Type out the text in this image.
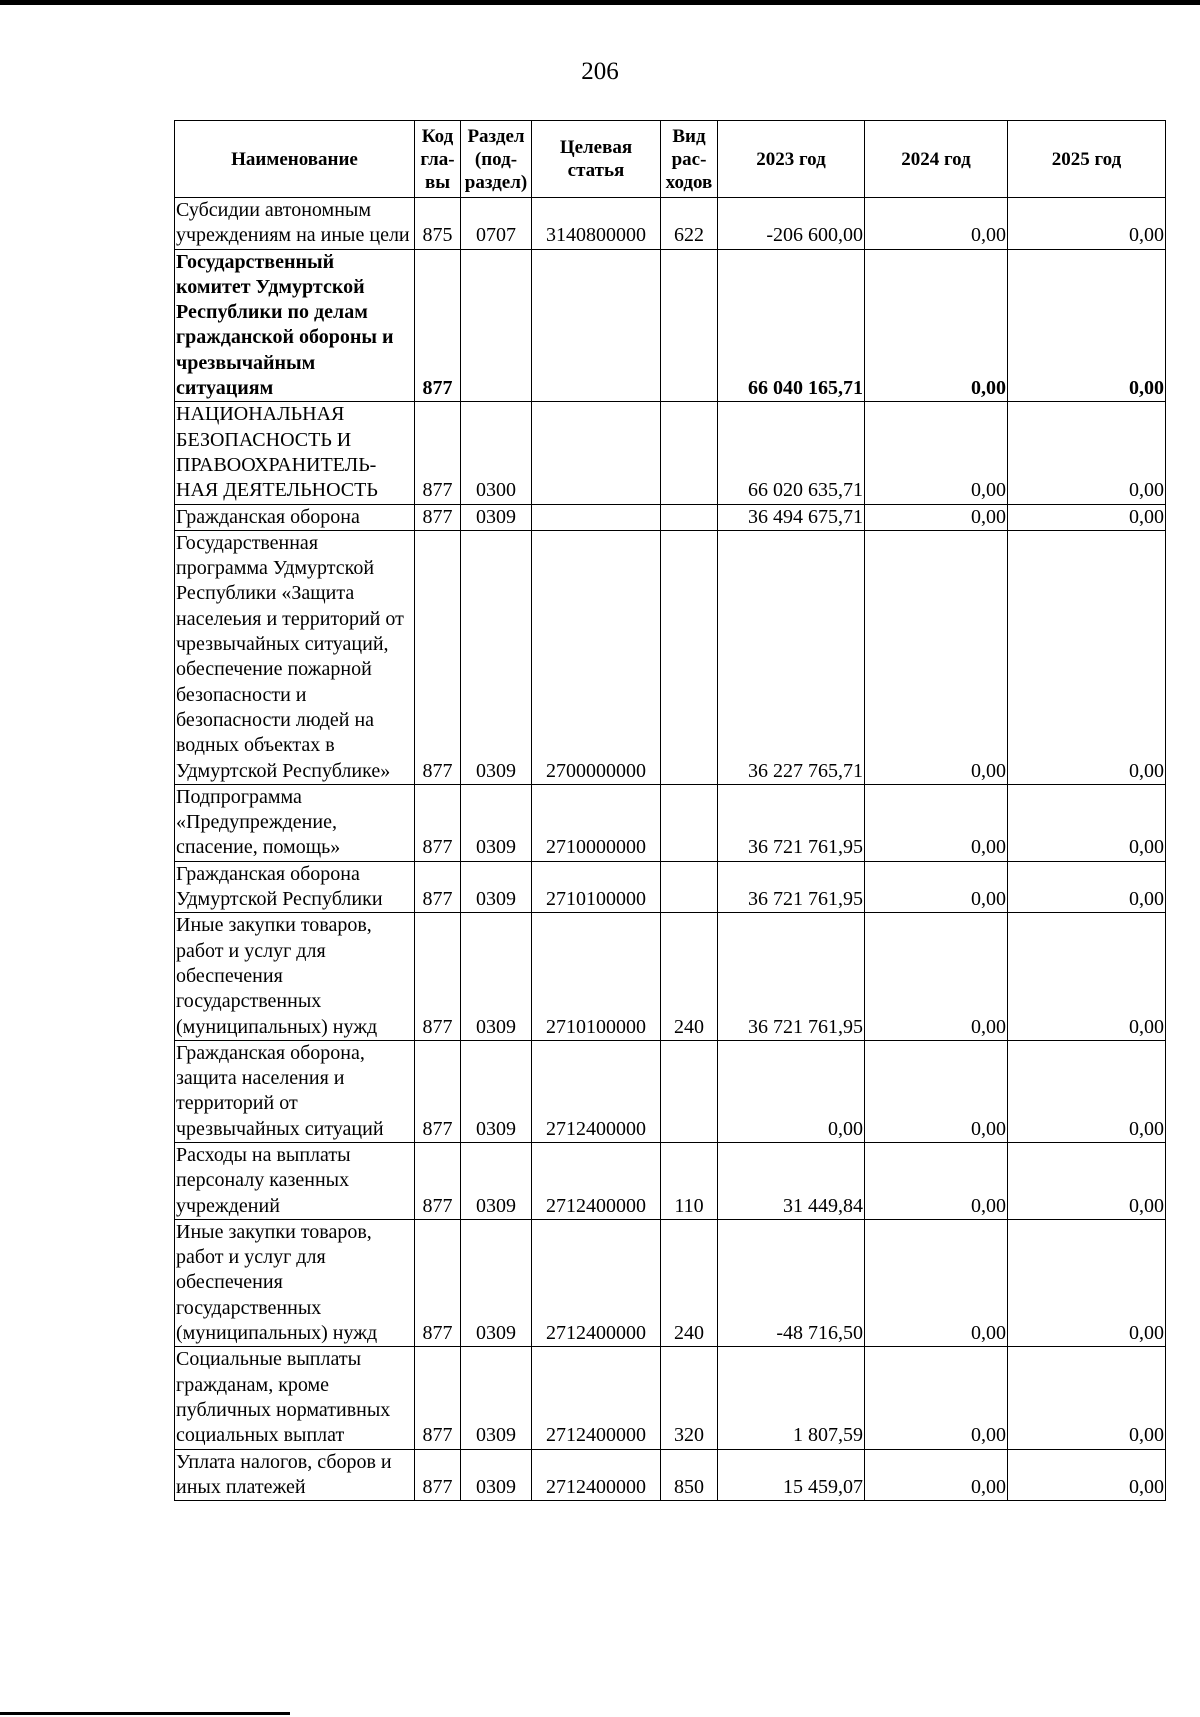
206
Наименование	Код гла-вы	Раздел (под-раздел)	Целевая статья	Вид рас-ходов	2023 год	2024 год	2025 год
Субсидии автономным учреждениям на иные цели	875	0707	3140800000	622	-206 600,00	0,00	0,00
Государственный комитет Удмуртской Республики по делам гражданской обороны и чрезвычайным ситуациям	877				66 040 165,71	0,00	0,00
НАЦИОНАЛЬНАЯ БЕЗОПАСНОСТЬ И ПРАВООХРАНИТЕЛЬ-НАЯ ДЕЯТЕЛЬНОСТЬ	877	0300			66 020 635,71	0,00	0,00
Гражданская оборона	877	0309			36 494 675,71	0,00	0,00
Государственная программа Удмуртской Республики «Защита населеьия и территорий от чрезвычайных ситуаций, обеспечение пожарной безопасности и безопасности людей на водных объектах в Удмуртской Республике»	877	0309	2700000000		36 227 765,71	0,00	0,00
Подпрограмма «Предупреждение, спасение, помощь»	877	0309	2710000000		36 721 761,95	0,00	0,00
Гражданская оборона Удмуртской Республики	877	0309	2710100000		36 721 761,95	0,00	0,00
Иные закупки товаров, работ и услуг для обеспечения государственных (муниципальных) нужд	877	0309	2710100000	240	36 721 761,95	0,00	0,00
Гражданская оборона, защита населения и территорий от чрезвычайных ситуаций	877	0309	2712400000		0,00	0,00	0,00
Расходы на выплаты персоналу казенных учреждений	877	0309	2712400000	110	31 449,84	0,00	0,00
Иные закупки товаров, работ и услуг для обеспечения государственных (муниципальных) нужд	877	0309	2712400000	240	-48 716,50	0,00	0,00
Социальные выплаты гражданам, кроме публичных нормативных социальных выплат	877	0309	2712400000	320	1 807,59	0,00	0,00
Уплата налогов, сборов и иных платежей	877	0309	2712400000	850	15 459,07	0,00	0,00
